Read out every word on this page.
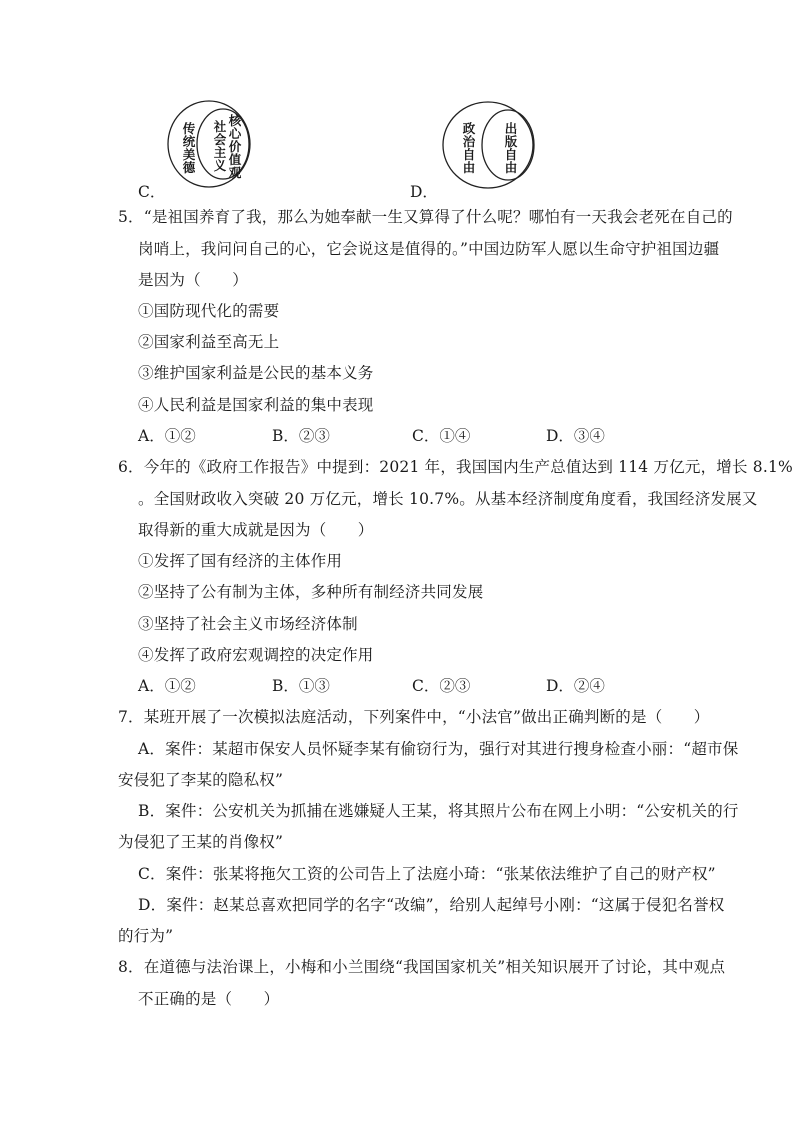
传统美德
核心价值观
社会主义
C．
政治自由
出版自由
D．
5．“是祖国养育了我，那么为她奉献一生又算得了什么呢？哪怕有一天我会老死在自己的
岗哨上，我问问自己的心，它会说这是值得的。”中国边防军人愿以生命守护祖国边疆
是因为（　　）
①国防现代化的需要
②国家利益至高无上
③维护国家利益是公民的基本义务
④人民利益是国家利益的集中表现
A．①②	B．②③	C．①④	D．③④
6．今年的《政府工作报告》中提到：2021 年，我国国内生产总值达到 114 万亿元，增长 8.1%
。全国财政收入突破 20 万亿元，增长 10.7%。从基本经济制度角度看，我国经济发展又
取得新的重大成就是因为（　　）
①发挥了国有经济的主体作用
②坚持了公有制为主体，多种所有制经济共同发展
③坚持了社会主义市场经济体制
④发挥了政府宏观调控的决定作用
A．①②	B．①③	C．②③	D．②④
7．某班开展了一次模拟法庭活动，下列案件中，“小法官”做出正确判断的是（　　）
A．案件：某超市保安人员怀疑李某有偷窃行为，强行对其进行搜身检查小丽：“超市保
安侵犯了李某的隐私权”
B．案件：公安机关为抓捕在逃嫌疑人王某，将其照片公布在网上小明：“公安机关的行
为侵犯了王某的肖像权”
C．案件：张某将拖欠工资的公司告上了法庭小琦：“张某依法维护了自己的财产权”
D．案件：赵某总喜欢把同学的名字“改编”，给别人起绰号小刚：“这属于侵犯名誉权
的行为”
8．在道德与法治课上，小梅和小兰围绕“我国国家机关”相关知识展开了讨论，其中观点
不正确的是（　　）
